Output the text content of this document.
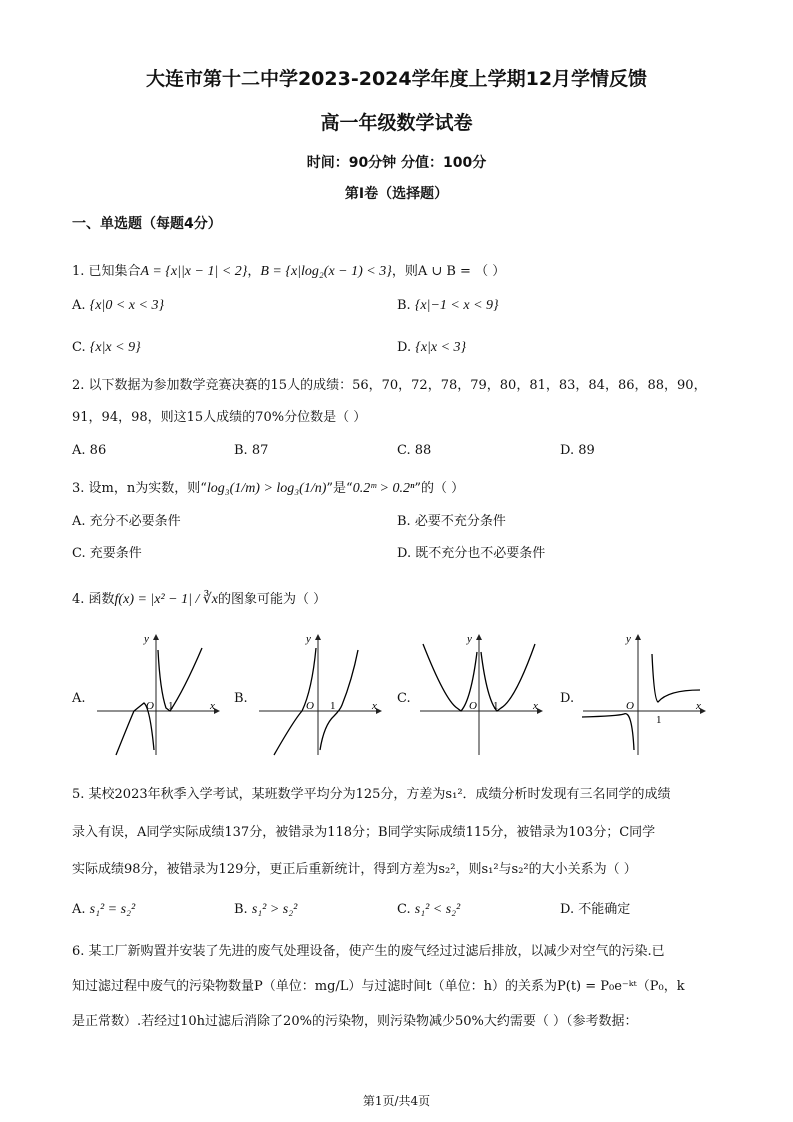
大连市第十二中学2023-2024学年度上学期12月学情反馈
高一年级数学试卷
时间：90分钟 分值：100分
第I卷（选择题）
一、单选题（每题4分）
1. 已知集合A = {x||x − 1| < 2}，B = {x|log₂(x − 1) < 3}，则A ∪ B = （ ）
A. {x|0 < x < 3}	B. {x|−1 < x < 9}
C. {x|x < 9}	D. {x|x < 3}
2. 以下数据为参加数学竞赛决赛的15人的成绩：56，70，72，78，79，80，81，83，84，86，88，90，
91，94，98，则这15人成绩的70%分位数是（ ）
A. 86	B. 87	C. 88	D. 89
3. 设m，n为实数，则“log₃(1/m) > log₃(1/n)”是“0.2ᵐ > 0.2ⁿ”的（ ）
A. 充分不必要条件	B. 必要不充分条件
C. 充要条件	D. 既不充分也不必要条件
4. 函数f(x) = |x² − 1| / ∛x的图象可能为（ ）
A.	O 1
y
x B.	O 1
y
x C.	O 1
y
x D.	O
1
y
x
5. 某校2023年秋季入学考试，某班数学平均分为125分，方差为s₁²．成绩分析时发现有三名同学的成绩
录入有误，A同学实际成绩137分，被错录为118分；B同学实际成绩115分，被错录为103分；C同学
实际成绩98分，被错录为129分，更正后重新统计，得到方差为s₂²，则s₁²与s₂²的大小关系为（ ）
A. s₁² = s₂²	B. s₁² > s₂²	C. s₁² < s₂²	D. 不能确定
6. 某工厂新购置并安装了先进的废气处理设备，使产生的废气经过过滤后排放，以减少对空气的污染.已
知过滤过程中废气的污染物数量P（单位：mg/L）与过滤时间t（单位：h）的关系为P(t) = P₀e⁻ᵏᵗ（P₀，k
是正常数）.若经过10h过滤后消除了20%的污染物，则污染物减少50%大约需要（ ）（参考数据：
第1页/共4页
